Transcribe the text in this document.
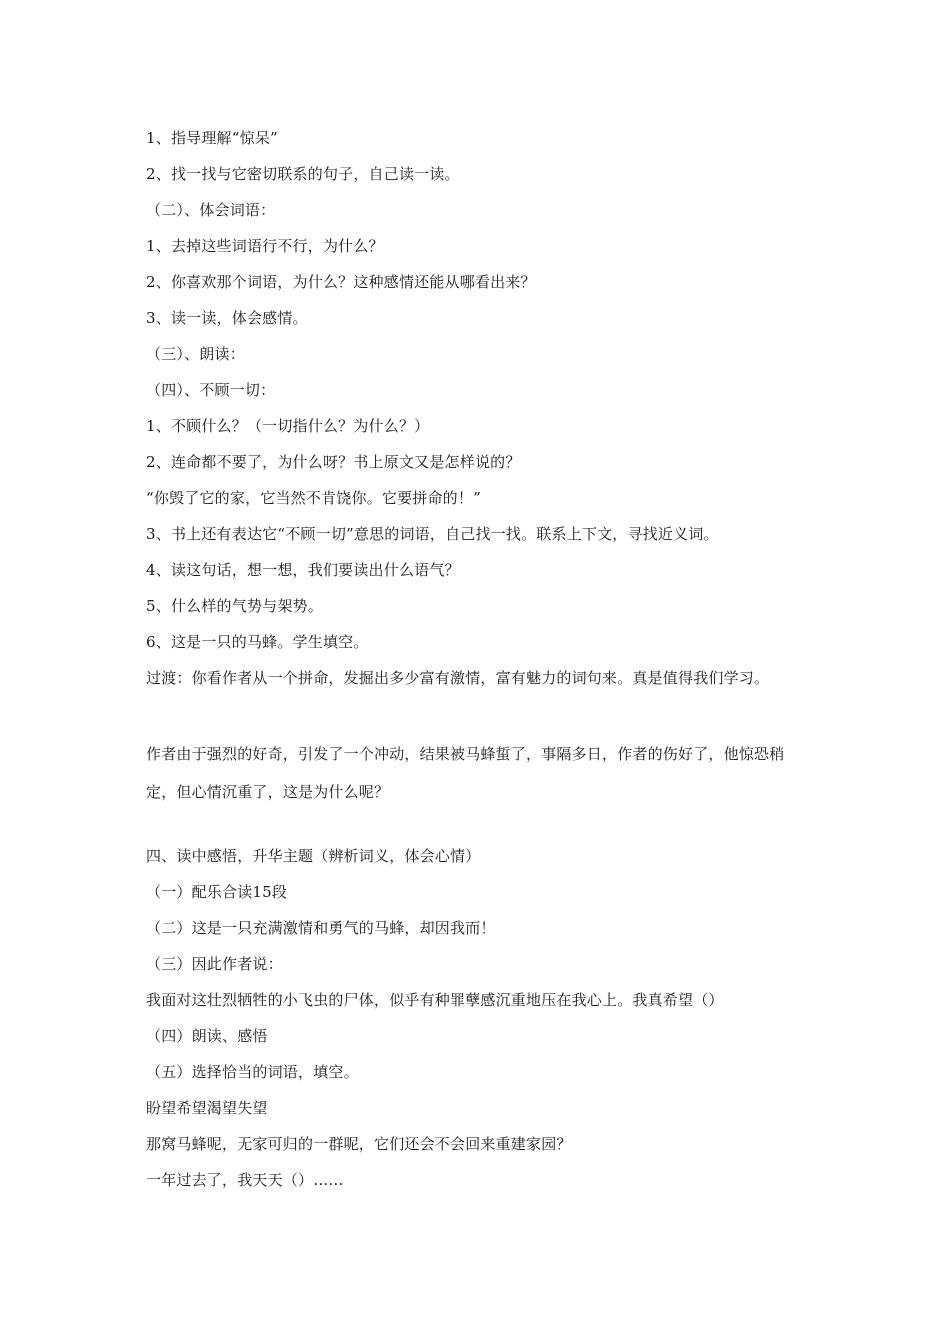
1、指导理解“惊呆”
2、找一找与它密切联系的句子，自己读一读。
（二）、体会词语：
1、去掉这些词语行不行，为什么？
2、你喜欢那个词语，为什么？这种感情还能从哪看出来？
3、读一读，体会感情。
（三）、朗读：
（四）、不顾一切：
1、不顾什么？（一切指什么？为什么？）
2、连命都不要了，为什么呀？书上原文又是怎样说的？
“你毁了它的家，它当然不肯饶你。它要拼命的！”
3、书上还有表达它“不顾一切”意思的词语，自己找一找。联系上下文，寻找近义词。
4、读这句话，想一想，我们要读出什么语气？
5、什么样的气势与架势。
6、这是一只的马蜂。学生填空。
过渡：你看作者从一个拼命，发掘出多少富有激情，富有魅力的词句来。真是值得我们学习。
作者由于强烈的好奇，引发了一个冲动，结果被马蜂蜇了，事隔多日，作者的伤好了，他惊恐稍定，但心情沉重了，这是为什么呢？
四、读中感悟，升华主题（辨析词义，体会心情）
（一）配乐合读15段
（二）这是一只充满激情和勇气的马蜂，却因我而！
（三）因此作者说：
我面对这壮烈牺牲的小飞虫的尸体，似乎有种罪孽感沉重地压在我心上。我真希望（）
（四）朗读、感悟
（五）选择恰当的词语，填空。
盼望希望渴望失望
那窝马蜂呢，无家可归的一群呢，它们还会不会回来重建家园？
一年过去了，我天天（）……
